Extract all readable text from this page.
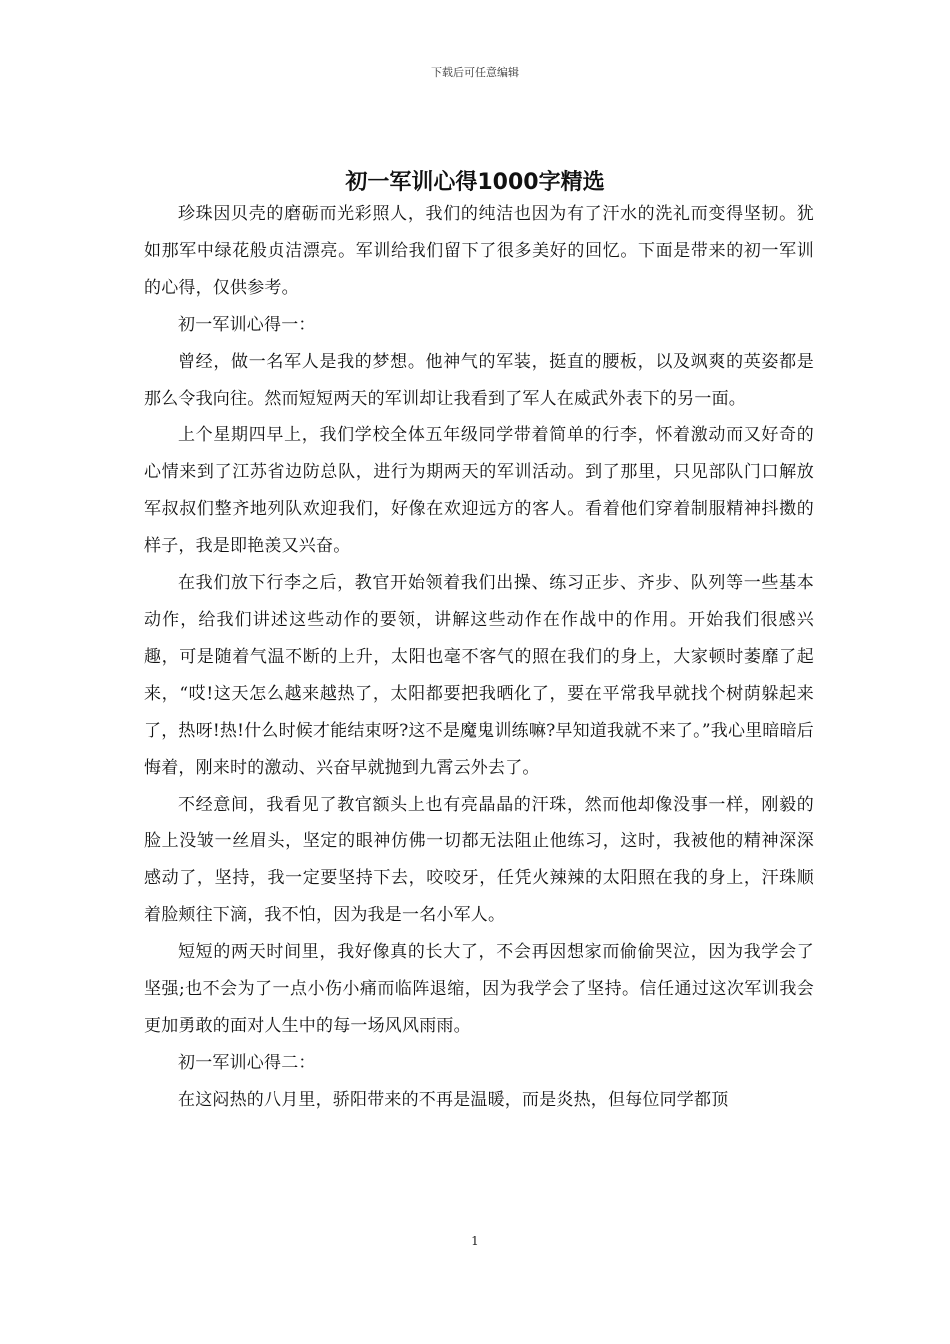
下载后可任意编辑
初一军训心得1000字精选

珍珠因贝壳的磨砺而光彩照人，我们的纯洁也因为有了汗水的洗礼而变得坚韧。犹如那军中绿花般贞洁漂亮。军训给我们留下了很多美好的回忆。下面是带来的初一军训的心得，仅供参考。

初一军训心得一：

曾经，做一名军人是我的梦想。他神气的军装，挺直的腰板，以及飒爽的英姿都是那么令我向往。然而短短两天的军训却让我看到了军人在威武外表下的另一面。

上个星期四早上，我们学校全体五年级同学带着简单的行李，怀着激动而又好奇的心情来到了江苏省边防总队，进行为期两天的军训活动。到了那里，只见部队门口解放军叔叔们整齐地列队欢迎我们，好像在欢迎远方的客人。看着他们穿着制服精神抖擞的样子，我是即艳羡又兴奋。

在我们放下行李之后，教官开始领着我们出操、练习正步、齐步、队列等一些基本动作，给我们讲述这些动作的要领，讲解这些动作在作战中的作用。开始我们很感兴趣，可是随着气温不断的上升，太阳也毫不客气的照在我们的身上，大家顿时萎靡了起来，“哎!这天怎么越来越热了，太阳都要把我晒化了，要在平常我早就找个树荫躲起来了，热呀!热!什么时候才能结束呀?这不是魔鬼训练嘛?早知道我就不来了。”我心里暗暗后悔着，刚来时的激动、兴奋早就抛到九霄云外去了。

不经意间，我看见了教官额头上也有亮晶晶的汗珠，然而他却像没事一样，刚毅的脸上没皱一丝眉头，坚定的眼神仿佛一切都无法阻止他练习，这时，我被他的精神深深感动了，坚持，我一定要坚持下去，咬咬牙，任凭火辣辣的太阳照在我的身上，汗珠顺着脸颊往下滴，我不怕，因为我是一名小军人。

短短的两天时间里，我好像真的长大了，不会再因想家而偷偷哭泣，因为我学会了坚强;也不会为了一点小伤小痛而临阵退缩，因为我学会了坚持。信任通过这次军训我会更加勇敢的面对人生中的每一场风风雨雨。

初一军训心得二：

在这闷热的八月里，骄阳带来的不再是温暖，而是炎热，但每位同学都顶

1
